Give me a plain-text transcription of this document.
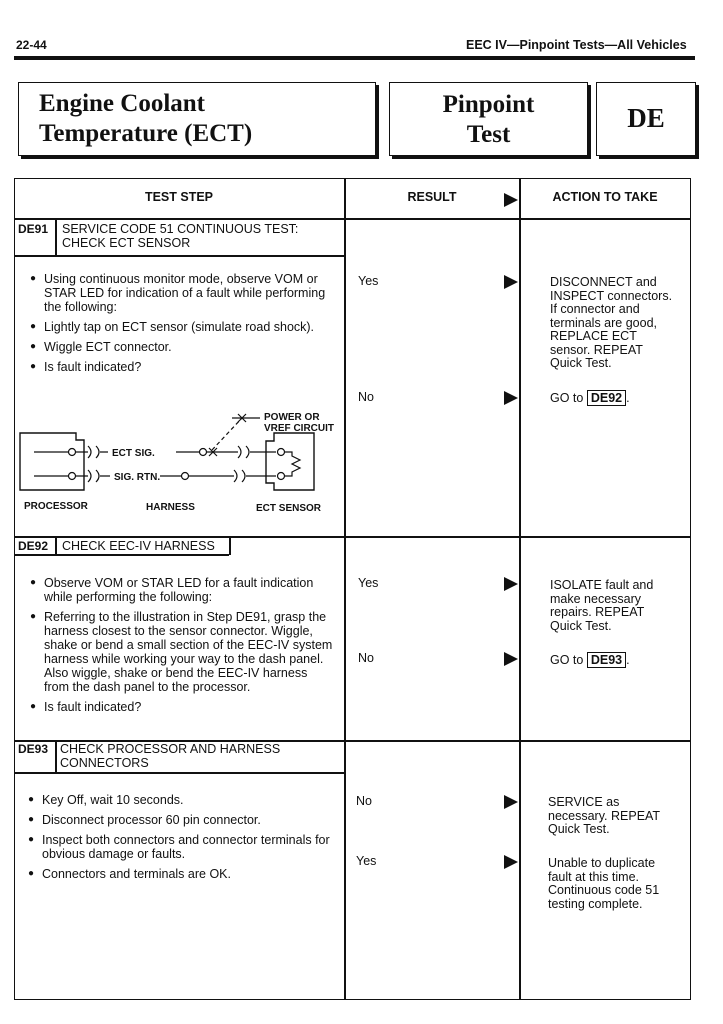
22-44	EEC IV—Pinpoint Tests—All Vehicles
Engine Coolant
Temperature (ECT)
Pinpoint
Test
DE
TEST STEP	RESULT	ACTION TO TAKE
DE91 SERVICE CODE 51 CONTINUOUS TEST:
CHECK ECT SENSOR
● Using continuous monitor mode, observe VOM or STAR LED for indication of a fault while performing the following:
● Lightly tap on ECT sensor (simulate road shock).
● Wiggle ECT connector.
● Is fault indicated?
POWER OR
VREF CIRCUIT
ECT SIG.
SIG. RTN.
PROCESSOR	HARNESS	ECT SENSOR
Yes	DISCONNECT and
INSPECT connectors.
If connector and
terminals are good,
REPLACE ECT
sensor. REPEAT
Quick Test.
No	GO to DE92 .
DE92 CHECK EEC-IV HARNESS
● Observe VOM or STAR LED for a fault indication while performing the following:
● Referring to the illustration in Step DE91, grasp the harness closest to the sensor connector. Wiggle, shake or bend a small section of the EEC-IV system harness while working your way to the dash panel. Also wiggle, shake or bend the EEC-IV harness from the dash panel to the processor.
● Is fault indicated?
Yes	ISOLATE fault and
make necessary
repairs. REPEAT
Quick Test.
No	GO to DE93 .
DE93 CHECK PROCESSOR AND HARNESS
CONNECTORS
● Key Off, wait 10 seconds.
● Disconnect processor 60 pin connector.
● Inspect both connectors and connector terminals for obvious damage or faults.
● Connectors and terminals are OK.
No	SERVICE as
necessary. REPEAT
Quick Test.
Yes	Unable to duplicate
fault at this time.
Continuous code 51
testing complete.
